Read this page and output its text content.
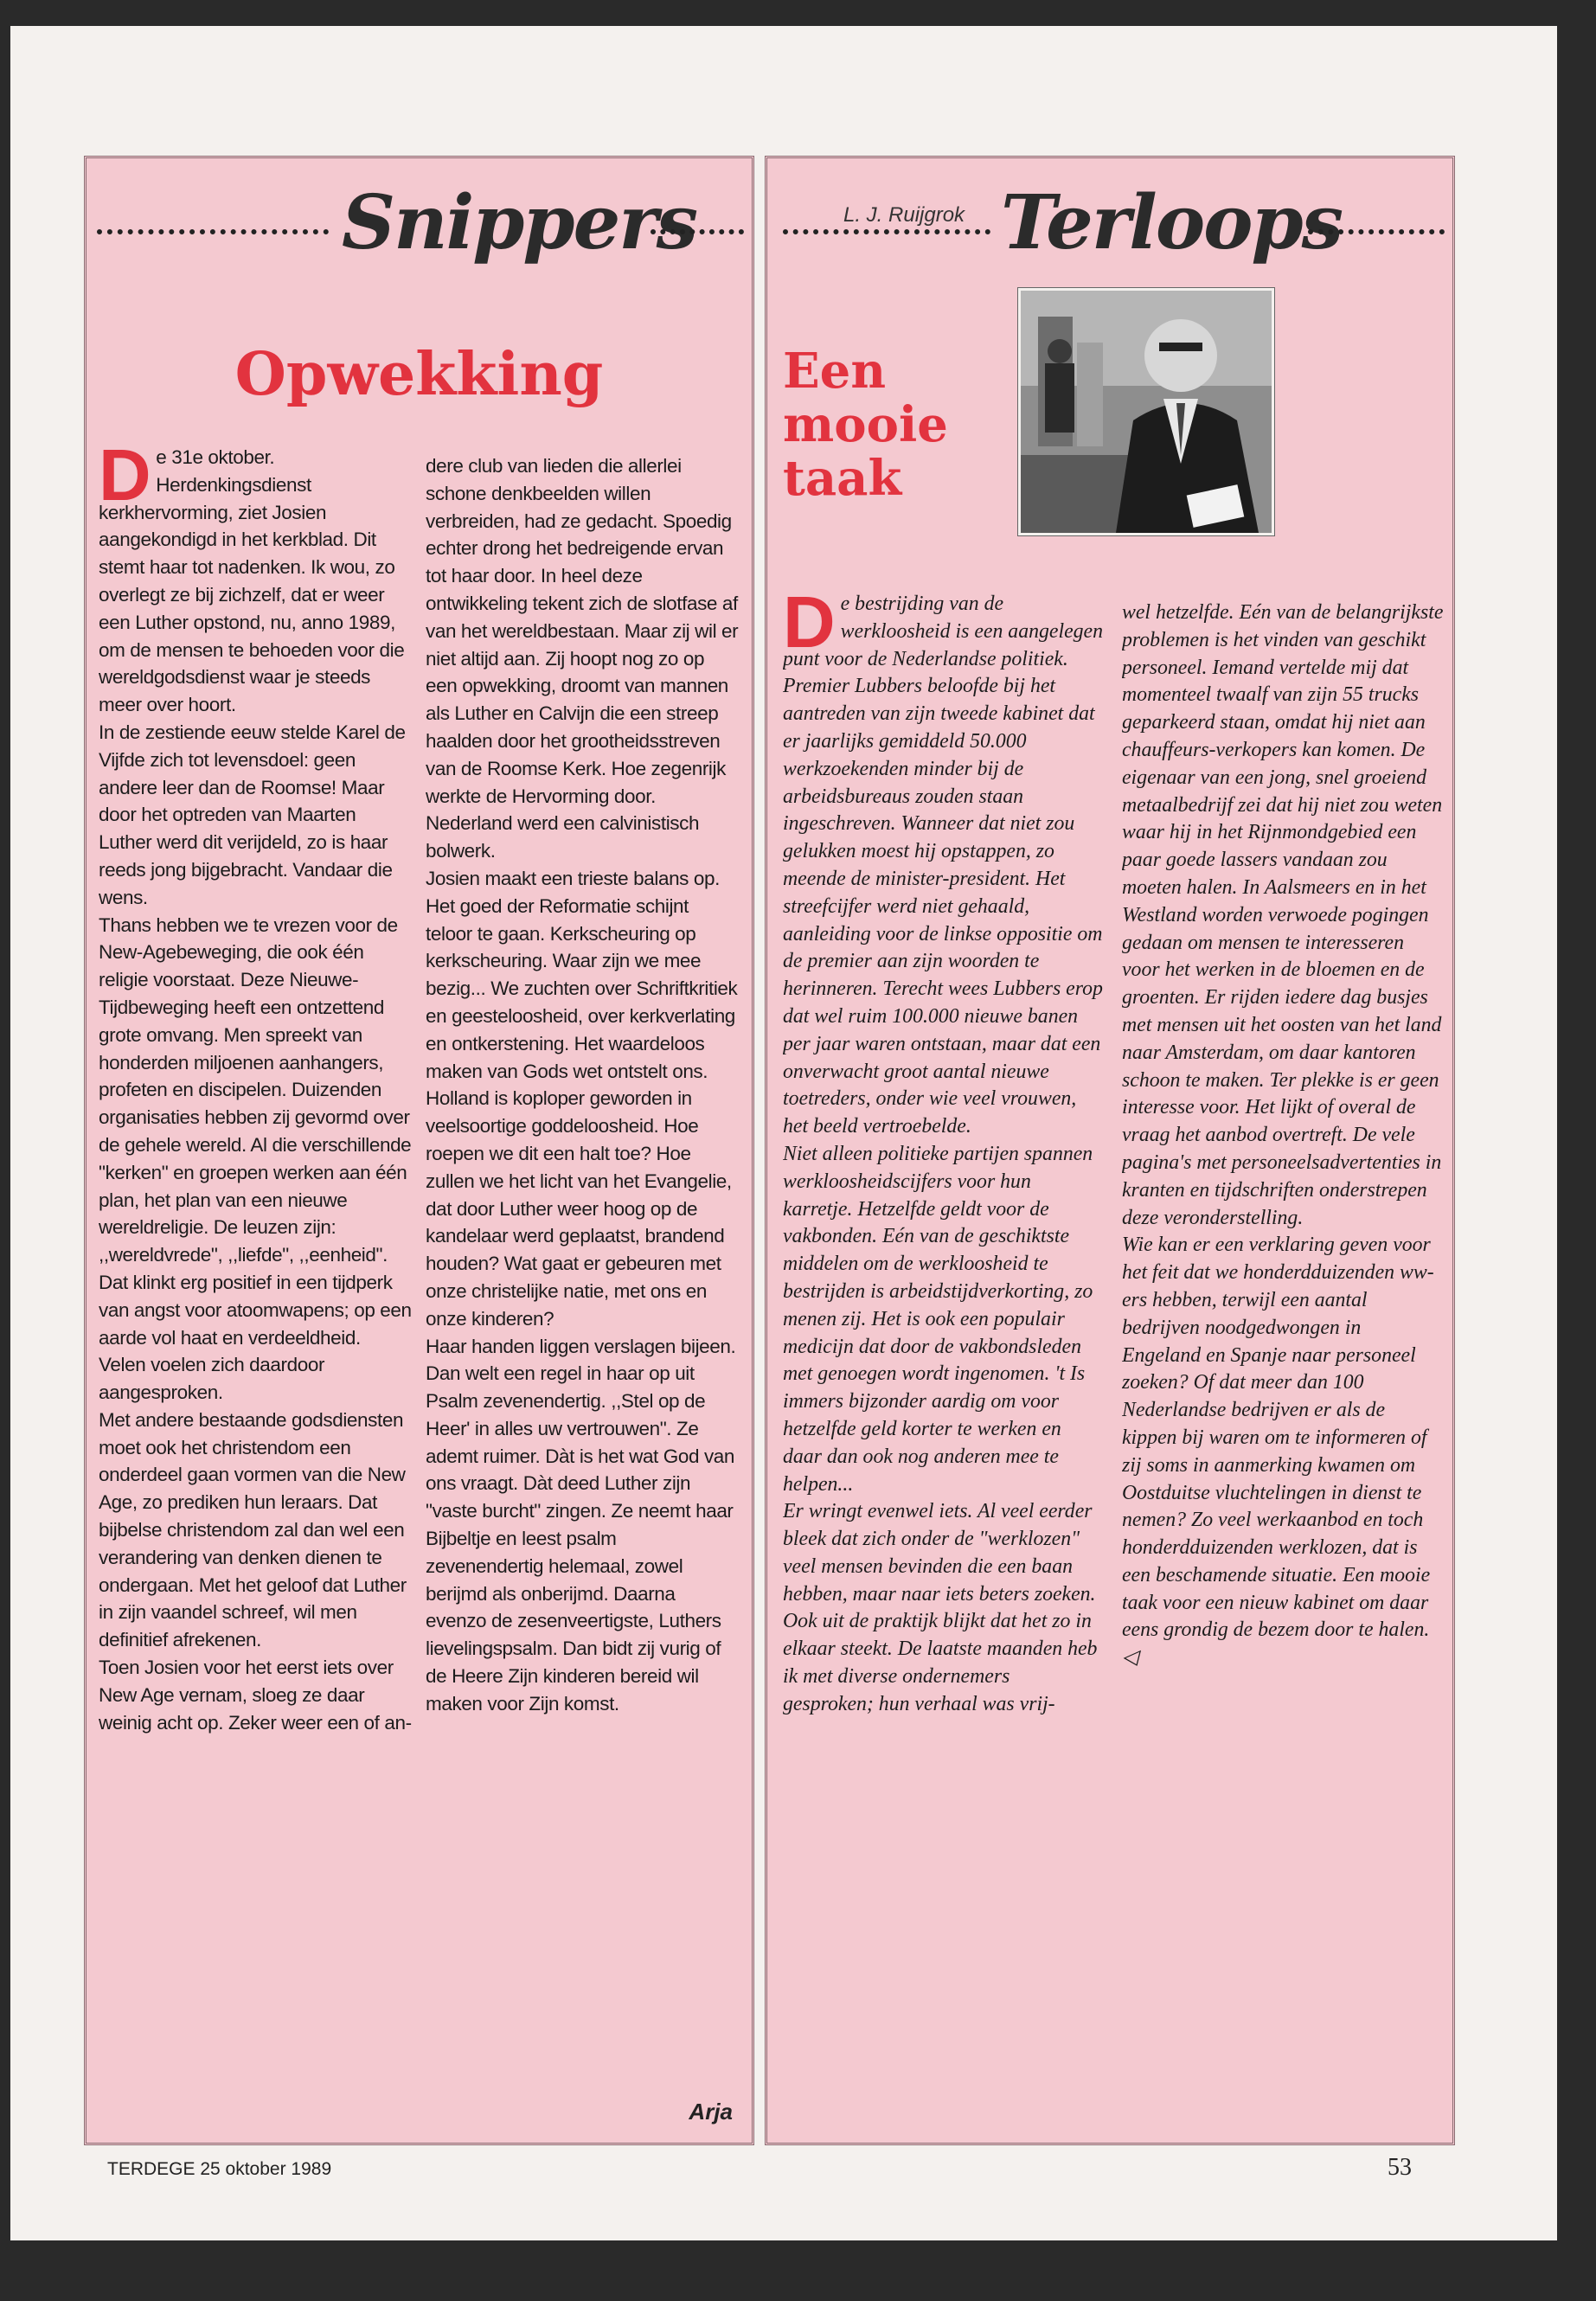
Snippers
Opwekking

De 31e oktober. Herdenkingsdienst kerkhervorming, ziet Josien aangekondigd in het kerkblad. Dit stemt haar tot nadenken. Ik wou, zo overlegt ze bij zichzelf, dat er weer een Luther opstond, nu, anno 1989, om de mensen te behoeden voor die wereldgodsdienst waar je steeds meer over hoort.

In de zestiende eeuw stelde Karel de Vijfde zich tot levensdoel: geen andere leer dan de Roomse! Maar door het optreden van Maarten Luther werd dit verijdeld, zo is haar reeds jong bijgebracht. Vandaar die wens.

Thans hebben we te vrezen voor de New-Agebeweging, die ook één religie voorstaat. Deze Nieuwe-Tijdbeweging heeft een ontzettend grote omvang. Men spreekt van honderden miljoenen aanhangers, profeten en discipelen. Duizenden organisaties hebben zij gevormd over de gehele wereld. Al die verschillende "kerken" en groepen werken aan één plan, het plan van een nieuwe wereldreligie. De leuzen zijn: ,,wereldvrede", ,,liefde", ,,eenheid".

Dat klinkt erg positief in een tijdperk van angst voor atoomwapens; op een aarde vol haat en verdeeldheid. Velen voelen zich daardoor aangesproken.

Met andere bestaande godsdiensten moet ook het christendom een onderdeel gaan vormen van die New Age, zo prediken hun leraars. Dat bijbelse christendom zal dan wel een verandering van denken dienen te ondergaan. Met het geloof dat Luther in zijn vaandel schreef, wil men definitief afrekenen.

Toen Josien voor het eerst iets over New Age vernam, sloeg ze daar weinig acht op. Zeker weer een of an-

dere club van lieden die allerlei schone denkbeelden willen verbreiden, had ze gedacht. Spoedig echter drong het bedreigende ervan tot haar door. In heel deze ontwikkeling tekent zich de slotfase af van het wereldbestaan. Maar zij wil er niet altijd aan. Zij hoopt nog zo op een opwekking, droomt van mannen als Luther en Calvijn die een streep haalden door het grootheidsstreven van de Roomse Kerk. Hoe zegenrijk werkte de Hervorming door. Nederland werd een calvinistisch bolwerk.

Josien maakt een trieste balans op. Het goed der Reformatie schijnt teloor te gaan. Kerkscheuring op kerkscheuring. Waar zijn we mee bezig... We zuchten over Schriftkritiek en geesteloosheid, over kerkverlating en ontkerstening. Het waardeloos maken van Gods wet ontstelt ons. Holland is koploper geworden in veelsoortige goddeloosheid. Hoe roepen we dit een halt toe? Hoe zullen we het licht van het Evangelie, dat door Luther weer hoog op de kandelaar werd geplaatst, brandend houden? Wat gaat er gebeuren met onze christelijke natie, met ons en onze kinderen?

Haar handen liggen verslagen bijeen. Dan welt een regel in haar op uit Psalm zevenendertig. ,,Stel op de Heer' in alles uw vertrouwen". Ze ademt ruimer. Dàt is het wat God van ons vraagt. Dàt deed Luther zijn "vaste burcht" zingen. Ze neemt haar Bijbeltje en leest psalm zevenendertig helemaal, zowel berijmd als onberijmd. Daarna evenzo de zesenveertigste, Luthers lievelingspsalm. Dan bidt zij vurig of de Heere Zijn kinderen bereid wil maken voor Zijn komst.

Arja
L. J. Ruijgrok Terloops
Een mooie taak

De bestrijding van de werkloosheid is een aangelegen punt voor de Nederlandse politiek. Premier Lubbers beloofde bij het aantreden van zijn tweede kabinet dat er jaarlijks gemiddeld 50.000 werkzoekenden minder bij de arbeidsbureaus zouden staan ingeschreven. Wanneer dat niet zou gelukken moest hij opstappen, zo meende de minister-president. Het streefcijfer werd niet gehaald, aanleiding voor de linkse oppositie om de premier aan zijn woorden te herinneren. Terecht wees Lubbers erop dat wel ruim 100.000 nieuwe banen per jaar waren ontstaan, maar dat een onverwacht groot aantal nieuwe toetreders, onder wie veel vrouwen, het beeld vertroebelde.

Niet alleen politieke partijen spannen werkloosheidscijfers voor hun karretje. Hetzelfde geldt voor de vakbonden. Eén van de geschiktste middelen om de werkloosheid te bestrijden is arbeidstijdverkorting, zo menen zij. Het is ook een populair medicijn dat door de vakbondsleden met genoegen wordt ingenomen. 't Is immers bijzonder aardig om voor hetzelfde geld korter te werken en daar dan ook nog anderen mee te helpen...

Er wringt evenwel iets. Al veel eerder bleek dat zich onder de "werklozen" veel mensen bevinden die een baan hebben, maar naar iets beters zoeken. Ook uit de praktijk blijkt dat het zo in elkaar steekt. De laatste maanden heb ik met diverse ondernemers gesproken; hun verhaal was vrij-

wel hetzelfde. Eén van de belangrijkste problemen is het vinden van geschikt personeel. Iemand vertelde mij dat momenteel twaalf van zijn 55 trucks geparkeerd staan, omdat hij niet aan chauffeurs-verkopers kan komen. De eigenaar van een jong, snel groeiend metaalbedrijf zei dat hij niet zou weten waar hij in het Rijnmondgebied een paar goede lassers vandaan zou moeten halen. In Aalsmeers en in het Westland worden verwoede pogingen gedaan om mensen te interesseren voor het werken in de bloemen en de groenten. Er rijden iedere dag busjes met mensen uit het oosten van het land naar Amsterdam, om daar kantoren schoon te maken. Ter plekke is er geen interesse voor. Het lijkt of overal de vraag het aanbod overtreft. De vele pagina's met personeelsadvertenties in kranten en tijdschriften onderstrepen deze veronderstelling.

Wie kan er een verklaring geven voor het feit dat we honderdduizenden ww-ers hebben, terwijl een aantal bedrijven noodgedwongen in Engeland en Spanje naar personeel zoeken? Of dat meer dan 100 Nederlandse bedrijven er als de kippen bij waren om te informeren of zij soms in aanmerking kwamen om Oostduitse vluchtelingen in dienst te nemen? Zo veel werkaanbod en toch honderdduizenden werklozen, dat is een beschamende situatie. Een mooie taak voor een nieuw kabinet om daar eens grondig de bezem door te halen. ◁

TERDEGE 25 oktober 1989	53
